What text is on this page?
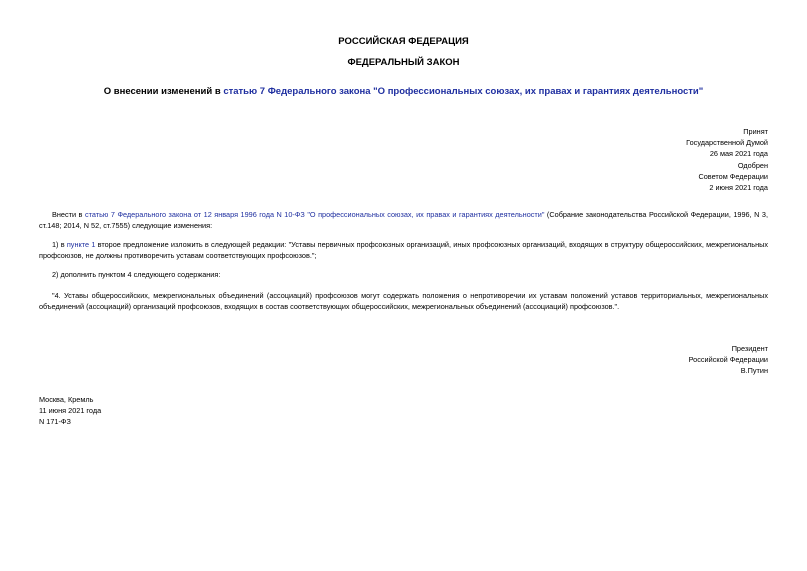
РОССИЙСКАЯ ФЕДЕРАЦИЯ
ФЕДЕРАЛЬНЫЙ ЗАКОН
О внесении изменений в статью 7 Федерального закона "О профессиональных союзах, их правах и гарантиях деятельности"
Принят
Государственной Думой
26 мая 2021 года
Одобрен
Советом Федерации
2 июня 2021 года
Внести в статью 7 Федерального закона от 12 января 1996 года N 10-ФЗ "О профессиональных союзах, их правах и гарантиях деятельности" (Собрание законодательства Российской Федерации, 1996, N 3, ст.148; 2014, N 52, ст.7555) следующие изменения:
1) в пункте 1 второе предложение изложить в следующей редакции: "Уставы первичных профсоюзных организаций, иных профсоюзных организаций, входящих в структуру общероссийских, межрегиональных профсоюзов, не должны противоречить уставам соответствующих профсоюзов.";
2) дополнить пунктом 4 следующего содержания:
"4. Уставы общероссийских, межрегиональных объединений (ассоциаций) профсоюзов могут содержать положения о непротиворечии их уставам положений уставов территориальных, межрегиональных объединений (ассоциаций) организаций профсоюзов, входящих в состав соответствующих общероссийских, межрегиональных объединений (ассоциаций) профсоюзов.".
Президент
Российской Федерации
В.Путин
Москва, Кремль
11 июня 2021 года
N 171-ФЗ
